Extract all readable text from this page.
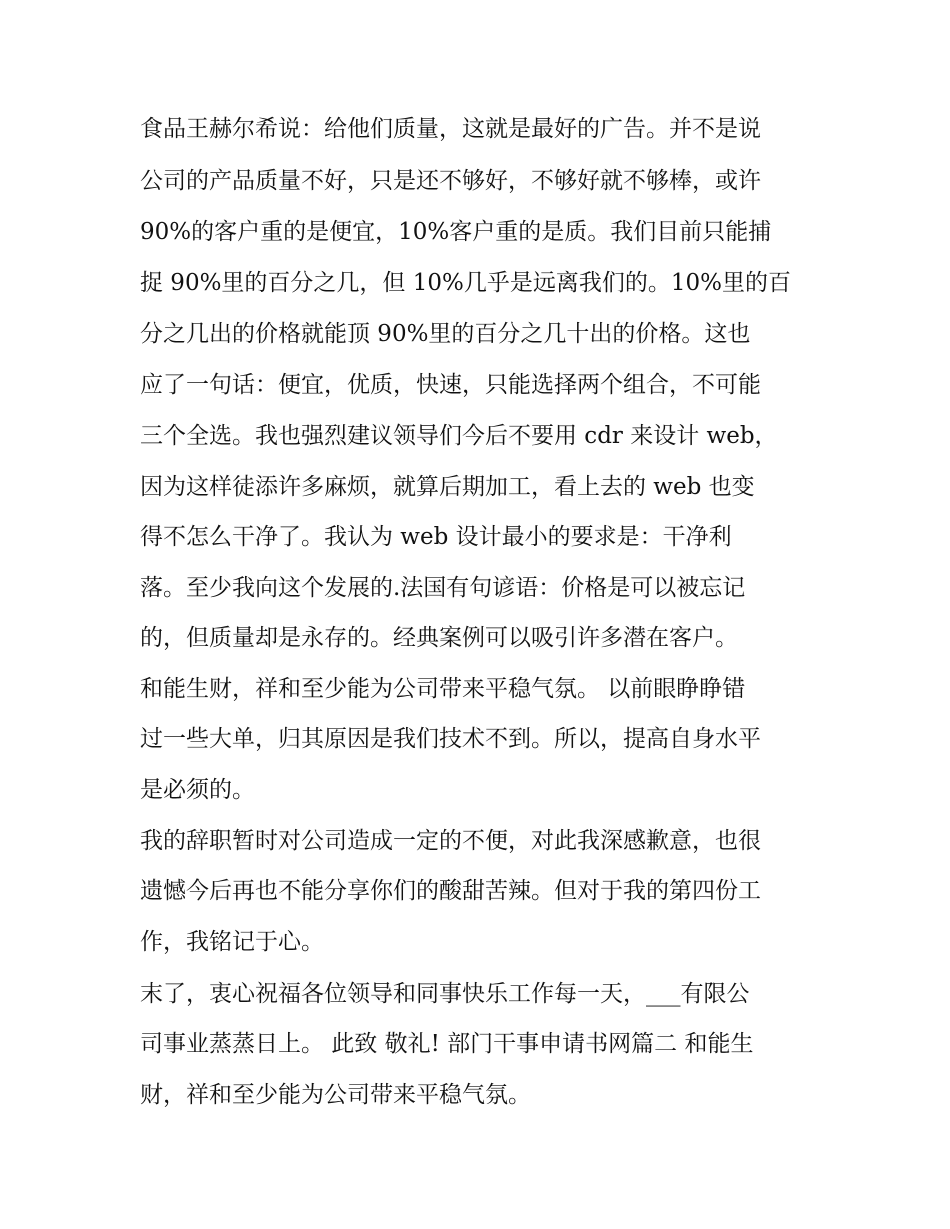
食品王赫尔希说：给他们质量，这就是最好的广告。并不是说
公司的产品质量不好，只是还不够好，不够好就不够棒，或许
90%的客户重的是便宜，10%客户重的是质。我们目前只能捕
捉 90%里的百分之几，但 10%几乎是远离我们的。10%里的百
分之几出的价格就能顶 90%里的百分之几十出的价格。这也
应了一句话：便宜，优质，快速，只能选择两个组合，不可能
三个全选。我也强烈建议领导们今后不要用 cdr 来设计 web，
因为这样徒添许多麻烦，就算后期加工，看上去的 web 也变
得不怎么干净了。我认为 web 设计最小的要求是：干净利
落。至少我向这个发展的.法国有句谚语：价格是可以被忘记
的，但质量却是永存的。经典案例可以吸引许多潜在客户。
和能生财，祥和至少能为公司带来平稳气氛。 以前眼睁睁错
过一些大单，归其原因是我们技术不到。所以，提高自身水平
是必须的。
我的辞职暂时对公司造成一定的不便，对此我深感歉意，也很
遗憾今后再也不能分享你们的酸甜苦辣。但对于我的第四份工
作，我铭记于心。
末了，衷心祝福各位领导和同事快乐工作每一天，___有限公
司事业蒸蒸日上。 此致 敬礼! 部门干事申请书网篇二 和能生
财，祥和至少能为公司带来平稳气氛。
